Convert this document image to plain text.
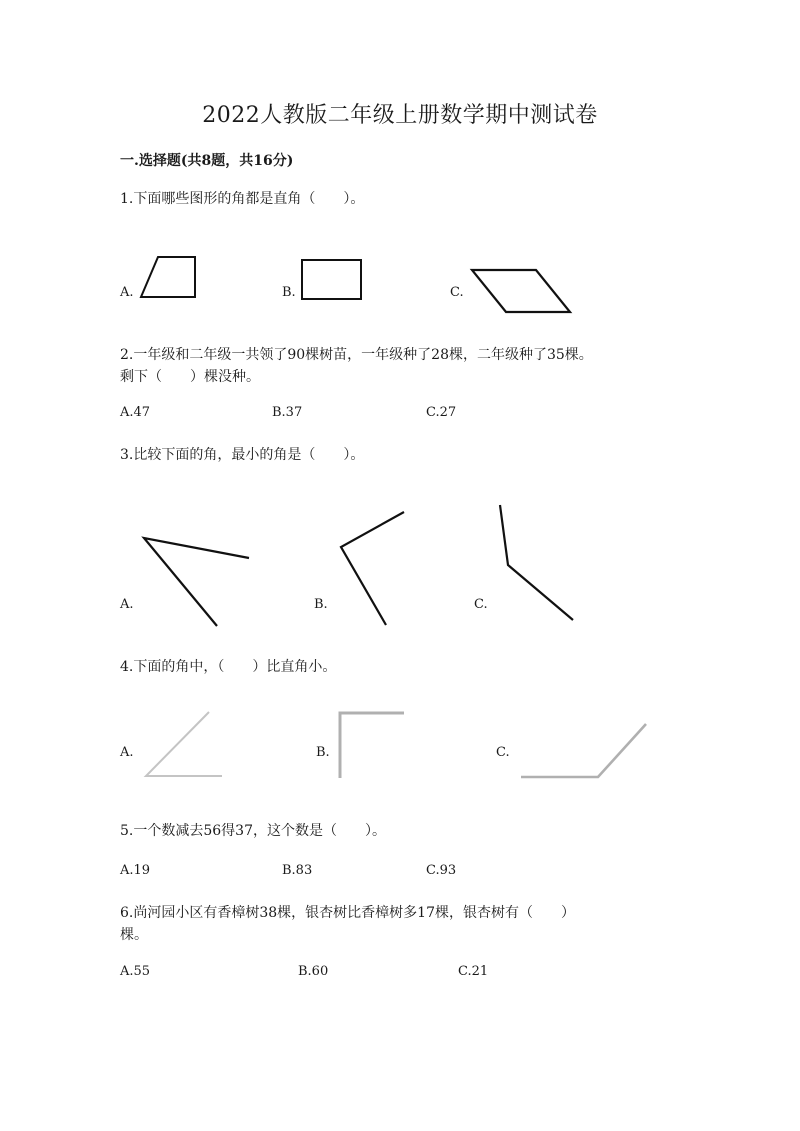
2022人教版二年级上册数学期中测试卷
一.选择题(共8题，共16分)
1.下面哪些图形的角都是直角（　　）。
A.	B.	C.
2.一年级和二年级一共领了90棵树苗，一年级种了28棵，二年级种了35棵。
剩下（　　）棵没种。
A.47	B.37	C.27
3.比较下面的角，最小的角是（　　）。
A.	B.	C.
4.下面的角中，（　　）比直角小。
A.	B.	C.
5.一个数减去56得37，这个数是（　　）。
A.19	B.83	C.93
6.尚河园小区有香樟树38棵，银杏树比香樟树多17棵，银杏树有（　　）
棵。
A.55	B.60	C.21
